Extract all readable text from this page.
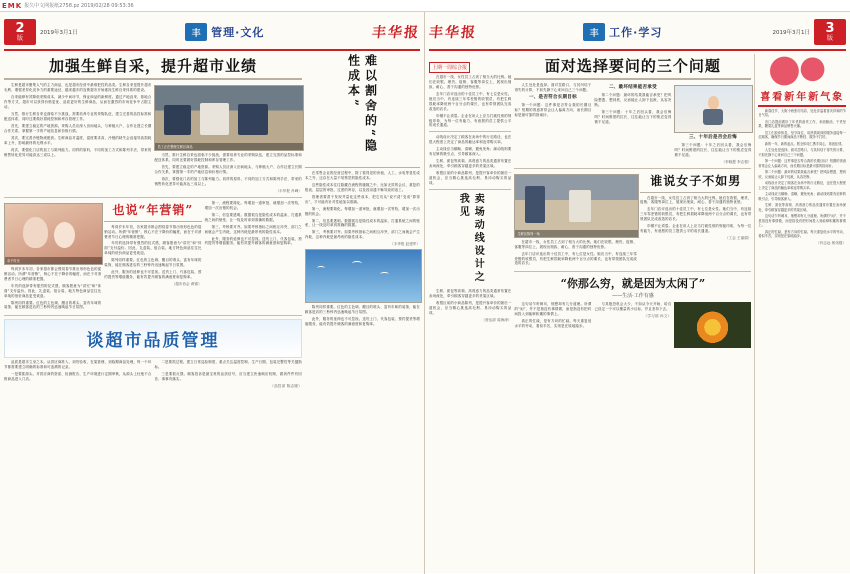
EMK 报久中文网报纸2758.pz 2019/02/28 09:53:36
2
版
2019年3月1日	丰 管理·文化	丰华报
加强生鲜自采，提升超市业绩

生鲜是超市聚集人气的主力商品，也是超市经营中最难把控的品类。生鲜自采是提升超市毛利、增强差异化竞争力的重要途径，越来越多的连锁超市开始重视生鲜自采体系的建设。

自采能够有效降低采购成本，减少中间环节，保证商品的新鲜度。通过产地直采、基地合作等方式，超市可以获得价格更优、品质更好的生鲜商品，从而在激烈的市场竞争中占据主动。

当然，推行生鲜自采也面临不少挑战，需要培养专业的采购队伍，建立完善的品控标准和配送体系，同时还要做好损耗控制和库存管理工作。

首先，要建立稳定的产地资源。采购人员应深入田间地头，与种植大户、合作社建立长期合作关系，掌握第一手的产地信息和价格行情。

其次，要完善冷链物流配套。生鲜商品对温度、湿度要求高，冷链的缺失会直接导致损耗率上升，影响最终的毛利水平。

再次，要强化门店的加工与陈列能力。同样的原料，不同的加工方式和陈列手法，带来的销售转化差异可能高达三成以上。

员工正在整理生鲜区商品

当然，推行生鲜自采也面临不少挑战，需要培养专业的采购队伍，建立完善的品控标准和配送体系，同时还要做好损耗控制和库存管理工作。

首先，要建立稳定的产地资源。采购人员应深入田间地头，与种植大户、合作社建立长期合作关系，掌握第一手的产地信息和价格行情。

再次，要强化门店的加工与陈列能力。同样的原料，不同的加工方式和陈列手法，带来的销售转化差异可能高达三成以上。

（丰华报 肖峰）
亲子时光

每到岁末年初，各家超市都会围绕春节推出形形色色的促销活动。所谓“年营销”，核心不在于降价的幅度，而在于对消费者节日心理的精准把握。

年货的选择带有强烈的仪式感，顾客愿意为“讲究”和“体面”支付溢价。因此，礼盒装、组合装、地方特色商品往往比单纯的低价商品更受欢迎。

陈列同样重要。红色的主色调、醒目的堆头、富有年味的装饰，能在顾客进店的三秒钟内迅速唤起节日氛围。

也说“年营销”

每到岁末年初，各家超市都会围绕春节推出形形色色的促销活动。所谓“年营销”，核心不在于降价的幅度，而在于对消费者节日心理的精准把握。

年货的选择带有强烈的仪式感，顾客愿意为“讲究”和“体面”支付溢价。因此，礼盒装、组合装、地方特色商品往往比单纯的低价商品更受欢迎。

陈列同样重要。红色的主色调、醒目的堆头、富有年味的装饰，能在顾客进店的三秒钟内迅速唤起节日氛围。

此外，服务的延伸也不可忽视。送货上门、代客包装、预约提货等增值服务，能有效提升顾客的满意度和复购率。

（超市协会 黄锦）

第一，流程要简化。每增加一道审批，就增加一次等待，增加一次出错的机会。

第二，信息要透明。数据孤岛是隐性成本的温床，打通系统之间的壁垒，让一线及时拿到准确的数据。

第三，考核要对齐。如果考核指标之间相互冲突，部门之间就会产生内耗，这种内耗是最昂贵的隐性成本。

此外，服务的延伸也不可忽视。送货上门、代客包装、预约提货等增值服务，能有效提升顾客的满意度和复购率。

谈超市品质管理

品质是超市立身之本。从供应商准入、到货验收、在架管理，到临期商品处理，每一个环节都需要建立明确的标准和可追溯的记录。

一是要抓源头。对供应商的资质、检测报告、生产环境进行定期审核，从源头上杜绝不合格商品进入门店。

二是要抓过程。建立日常巡检制度，重点关注温度控制、生产日期、包装完整性等关键指标。

三是要抓反馈。顾客投诉是最宝贵的品质信号，应当建立快速响应机制，做到件件有回音、事事有落实。

（品控部 陈志刚）
难以割舍的“隐性成本”

在零售企业的经营过程中，除了看得见的房租、人工、水电等显性成本之外，还存在大量不易察觉的隐性成本。

这些隐性成本往往隐藏在流程的缝隙之中，比如无效的会议、重复的报表、层层的审批、过度的库存，以及因沟通不畅导致的返工。

管理者要善于发现并量化这些成本，把它们从“说不清”变成“算得出”，才可能有针对性地加以削减。

第一，流程要简化。每增加一道审批，就增加一次等待，增加一次出错的机会。

第二，信息要透明。数据孤岛是隐性成本的温床，打通系统之间的壁垒，让一线及时拿到准确的数据。

第三，考核要对齐。如果考核指标之间相互冲突，部门之间就会产生内耗，这种内耗是最昂贵的隐性成本。

（丰华报 赵建军）

陈列同样重要。红色的主色调、醒目的堆头、富有年味的装饰，能在顾客进店的三秒钟内迅速唤起节日氛围。

此外，服务的延伸也不可忽视。送货上门、代客包装、预约提货等增值服务，能有效提升顾客的满意度和复购率。

丰华报	丰 工作·学习	2019年3月1日 3
版
上期一周综合报

在超市一线，女性员工占到了相当大的比例。她们在收银、理货、促销、客服等岗位上，展现出细致、耐心、善于沟通的独特优势。

去年门店评选出的十佳员工中，有七位是女性。她们当中，有连续三年零差错的收银员，有把生鲜损耗率降低两个百分点的课长，也有带领团队完成改造的店长。

巾帼不让须眉。企业在用人上应当打破性别的刻板印象，为每一位有能力、有意愿的员工提供公平的成长通道。

动线设计决定了顾客在卖场中的行走路径，也在很大程度上决定了商品的触达率和连带购买率。

主动线应当顺畅、清晰，避免死角；副动线则要有足够的吸引点，引导顾客深入。

生鲜、面包等高频、高诱惑力的品类通常布置在卖场深处，牵引顾客穿越更多的货架区域。

收银区前的小商品陈列，是提升客单价的最后一道机会，应当精心挑选高毛利、易冲动购买的品项。

卖场动线设计之我见

生鲜、面包等高频、高诱惑力的品类通常布置在卖场深处，牵引顾客穿越更多的货架区域。

收银区前的小商品陈列，是提升客单价的最后一道机会，应当精心挑选高毛利、易冲动购买的品项。

（营运部 周海涛）
面对选择要问的三个问题

人生处处是选择。面对岔路口，与其纠结于得失的计算，不如先静下心来问自己三个问题。

一、是否符合长期目标

第一个问题：这件事是否符合我的长期目标？短期的诱惑常常会让人偏离方向，而长期目标是最可靠的指南针。

二、最坏结果能否承受

第二个问题：最坏的结果我能否承受？把风险想透、想到底，反而能让人卸下包袱，从容决断。

第三个问题：十年之后回头看，我会后悔吗？时间维度的拉长，往往能让当下的焦虑变得微不足道。

三、十年后是否会后悔

第三个问题：十年之后回头看，我会后悔吗？时间维度的拉长，往往能让当下的焦虑变得微不足道。

（李晓慧 李志强）
生鲜区陈列一角

在超市一线，女性员工占到了相当大的比例。她们在收银、理货、促销、客服等岗位上，展现出细致、耐心、善于沟通的独特优势。

去年门店评选出的十佳员工中，有七位是女性。她们当中，有连续三年零差错的收银员，有把生鲜损耗率降低两个百分点的课长，也有带领团队完成改造的店长。

谁说女子不如男

在超市一线，女性员工占到了相当大的比例。她们在收银、理货、促销、客服等岗位上，展现出细致、耐心、善于沟通的独特优势。

去年门店评选出的十佳员工中，有七位是女性。她们当中，有连续三年零差错的收银员，有把生鲜损耗率降低两个百分点的课长，也有带领团队完成改造的店长。

巾帼不让须眉。企业在用人上应当打破性别的刻板印象，为每一位有能力、有意愿的员工提供公平的成长通道。

（工会 王丽娟）
“你那么穷，就是因为太闲了”
——生活·工作有感

这句话乍听刺耳，细想却有几分道理。所谓的“闲”，并不是指没有事情做，而是指没有把时间投入到能够积累的事情上。

真正的忙碌，是有方向的忙碌。每天重复低水平的劳动，看似辛苦，实则是在原地踏步。

与其抱怨机会太少，不如从今天开始，给自己设定一个可以衡量的小目标，并且坚持下去。

（学习部 孙文）
喜看新年新气象

新春佳节，大街小巷张灯结彩，处处洋溢着喜庆祥和的节日气氛。

各门店提前做好了年货的备货工作，米面粮油、干货坚果、糖果礼盒等商品销售火爆。

员工们放弃休息，坚守岗位，用热情周到的服务迎接每一位顾客，确保节日期间商品不断档、服务不打折。

新的一年，新的起点。愿全体同仁携手同心，再创佳绩。

人生处处是选择。面对岔路口，与其纠结于得失的计算，不如先静下心来问自己三个问题。

第一个问题：这件事是否符合我的长期目标？短期的诱惑常常会让人偏离方向，而长期目标是最可靠的指南针。

第二个问题：最坏的结果我能否承受？把风险想透、想到底，反而能让人卸下包袱，从容决断。

动线设计决定了顾客在卖场中的行走路径，也在很大程度上决定了商品的触达率和连带购买率。

主动线应当顺畅、清晰，避免死角；副动线则要有足够的吸引点，引导顾客深入。

生鲜、面包等高频、高诱惑力的品类通常布置在卖场深处，牵引顾客穿越更多的货架区域。

这句话乍听刺耳，细想却有几分道理。所谓的“闲”，并不是指没有事情做，而是指没有把时间投入到能够积累的事情上。

真正的忙碌，是有方向的忙碌。每天重复低水平的劳动，看似辛苦，实则是在原地踏步。

（肖志远 郭伟强）
